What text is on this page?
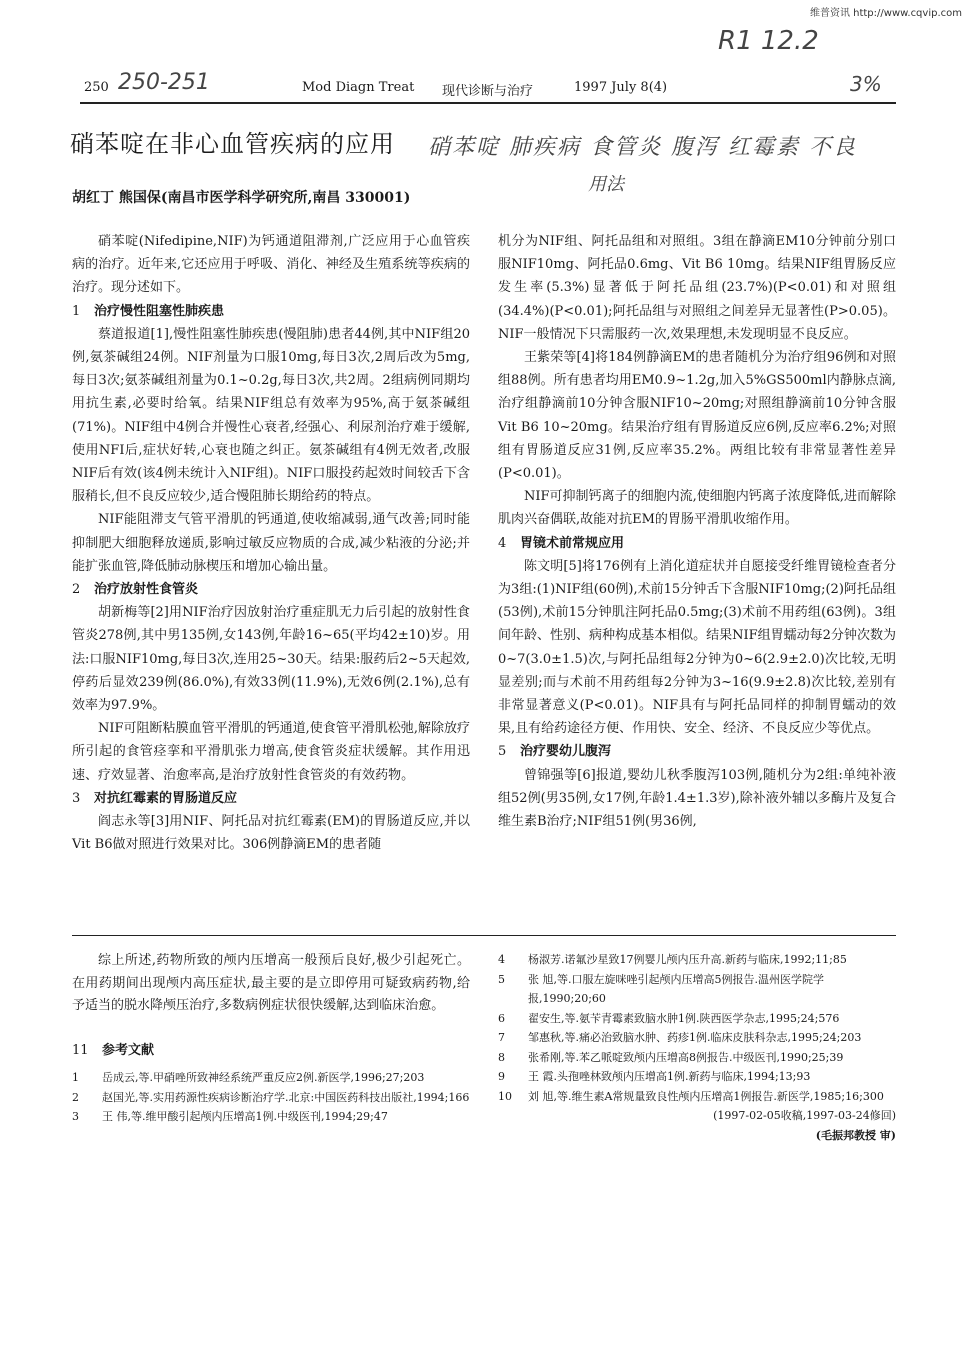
维普资讯 http://www.cqvip.com
R1 12.2
250-251	3%
250	Mod Diagn Treat 现代诊断与治疗	1997 July 8(4)
硝苯啶在非心血管疾病的应用 硝苯啶 肺疾病 食管炎 腹泻 红霉素 不良
用法
胡红丁 熊国保(南昌市医学科学研究所,南昌 330001)

硝苯啶(Nifedipine,NIF)为钙通道阻滞剂,广泛应用于心血管疾病的治疗。近年来,它还应用于呼吸、消化、神经及生殖系统等疾病的治疗。现分述如下。

1 治疗慢性阻塞性肺疾患

蔡道报道[1],慢性阻塞性肺疾患(慢阻肺)患者44例,其中NIF组20例,氨茶碱组24例。NIF剂量为口服10mg,每日3次,2周后改为5mg,每日3次;氨茶碱组剂量为0.1~0.2g,每日3次,共2周。2组病例同期均用抗生素,必要时给氧。结果NIF组总有效率为95%,高于氨茶碱组(71%)。NIF组中4例合并慢性心衰者,经强心、利尿剂治疗难于缓解,使用NFI后,症状好转,心衰也随之纠正。氨茶碱组有4例无效者,改服NIF后有效(该4例未统计入NIF组)。NIF口服投药起效时间较舌下含服稍长,但不良反应较少,适合慢阻肺长期给药的特点。

NIF能阻滞支气管平滑肌的钙通道,使收缩减弱,通气改善;同时能抑制肥大细胞释放递质,影响过敏反应物质的合成,减少粘液的分泌;并能扩张血管,降低肺动脉楔压和增加心输出量。

2 治疗放射性食管炎

胡新梅等[2]用NIF治疗因放射治疗重症肌无力后引起的放射性食管炎278例,其中男135例,女143例,年龄16~65(平均42±10)岁。用法:口服NIF10mg,每日3次,连用25~30天。结果:服药后2~5天起效,停药后显效239例(86.0%),有效33例(11.9%),无效6例(2.1%),总有效率为97.9%。

NIF可阻断粘膜血管平滑肌的钙通道,使食管平滑肌松弛,解除放疗所引起的食管痉挛和平滑肌张力增高,使食管炎症状缓解。其作用迅速、疗效显著、治愈率高,是治疗放射性食管炎的有效药物。

3 对抗红霉素的胃肠道反应

阎志永等[3]用NIF、阿托品对抗红霉素(EM)的胃肠道反应,并以Vit B6做对照进行效果对比。306例静滴EM的患者随

机分为NIF组、阿托品组和对照组。3组在静滴EM10分钟前分别口服NIF10mg、阿托品0.6mg、Vit B6 10mg。结果NIF组胃肠反应发生率(5.3%)显著低于阿托品组(23.7%)(P<0.01)和对照组(34.4%)(P<0.01);阿托品组与对照组之间差异无显著性(P>0.05)。NIF一般情况下只需服药一次,效果理想,未发现明显不良反应。

王紫荣等[4]将184例静滴EM的患者随机分为治疗组96例和对照组88例。所有患者均用EM0.9~1.2g,加入5%GS500ml内静脉点滴,治疗组静滴前10分钟含服NIF10~20mg;对照组静滴前10分钟含服Vit B6 10~20mg。结果治疗组有胃肠道反应6例,反应率6.2%;对照组有胃肠道反应31例,反应率35.2%。两组比较有非常显著性差异(P<0.01)。

NIF可抑制钙离子的细胞内流,使细胞内钙离子浓度降低,进而解除肌肉兴奋偶联,故能对抗EM的胃肠平滑肌收缩作用。

4 胃镜术前常规应用

陈文明[5]将176例有上消化道症状并自愿接受纤维胃镜检查者分为3组:(1)NIF组(60例),术前15分钟舌下含服NIF10mg;(2)阿托品组(53例),术前15分钟肌注阿托品0.5mg;(3)术前不用药组(63例)。3组间年龄、性别、病种构成基本相似。结果NIF组胃蠕动每2分钟次数为0~7(3.0±1.5)次,与阿托品组每2分钟为0~6(2.9±2.0)次比较,无明显差别;而与术前不用药组每2分钟为3~16(9.9±2.8)次比较,差别有非常显著意义(P<0.01)。NIF具有与阿托品同样的抑制胃蠕动的效果,且有给药途径方便、作用快、安全、经济、不良反应少等优点。

5 治疗婴幼儿腹泻

曾锦强等[6]报道,婴幼儿秋季腹泻103例,随机分为2组:单纯补液组52例(男35例,女17例,年龄1.4±1.3岁),除补液外辅以多酶片及复合维生素B治疗;NIF组51例(男36例,

综上所述,药物所致的颅内压增高一般预后良好,极少引起死亡。在用药期间出现颅内高压症状,最主要的是立即停用可疑致病药物,给予适当的脱水降颅压治疗,多数病例症状很快缓解,达到临床治愈。
11 参考文献
1	岳成云,等.甲硝唑所致神经系统严重反应2例.新医学,1996;27;203
2	赵国光,等.实用药源性疾病诊断治疗学.北京:中国医药科技出版社,1994;166
3	王 伟,等.维甲酸引起颅内压增高1例.中级医刊,1994;29;47
4	杨淑芳.诺氟沙星致17例婴儿颅内压升高.新药与临床,1992;11;85
5	张 旭,等.口服左旋咪唑引起颅内压增高5例报告.温州医学院学报,1990;20;60
6	翟安生,等.氨苄青霉素致脑水肿1例.陕西医学杂志,1995;24;576
7	邹惠秋,等.痛必治致脑水肿、药疹1例.临床皮肤科杂志,1995;24;203
8	张希刚,等.苯乙哌啶致颅内压增高8例报告.中级医刊,1990;25;39
9	王 霞.头孢唑林致颅内压增高1例.新药与临床,1994;13;93
10	刘 旭,等.维生素A常规量致良性颅内压增高1例报告.新医学,1985;16;300
(1997-02-05收稿,1997-03-24修回)
(毛振邦教授 审)
